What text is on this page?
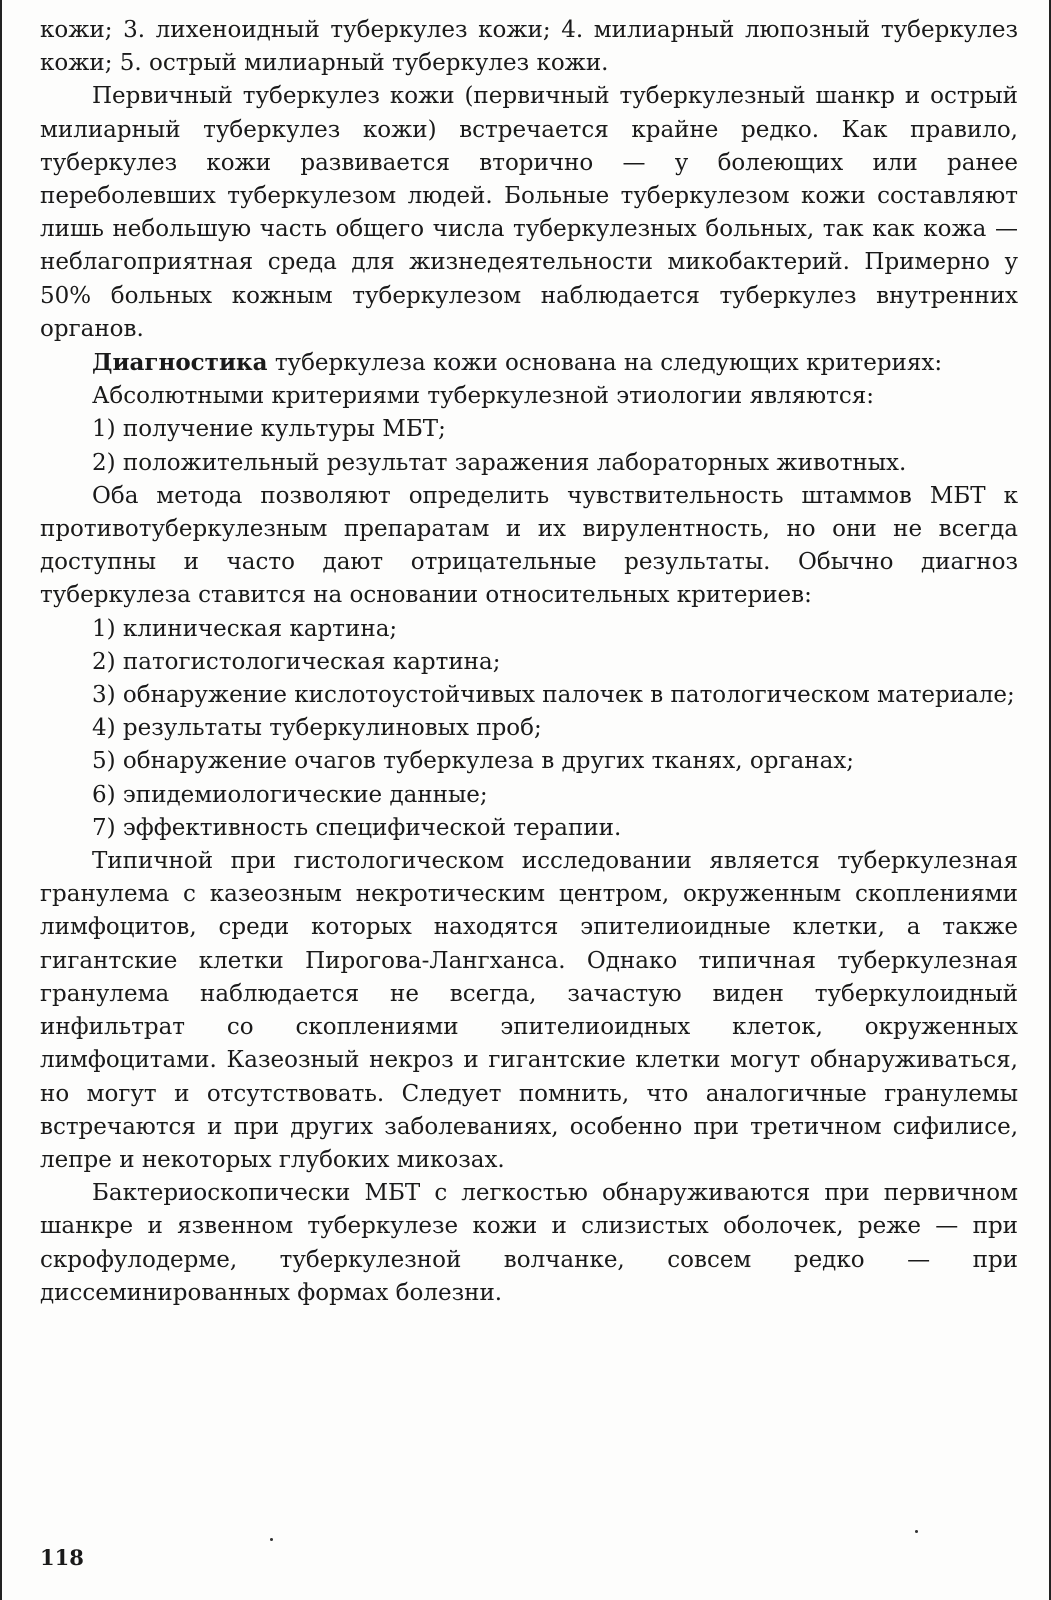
кожи; 3. лихеноидный туберкулез кожи; 4. милиарный люпозный туберкулез кожи; 5. острый милиарный туберкулез кожи.

Первичный туберкулез кожи (первичный туберкулезный шанкр и острый милиарный туберкулез кожи) встречается крайне редко. Как правило, туберкулез кожи развивается вторично — у болеющих или ранее переболевших туберкулезом людей. Больные туберкулезом кожи составляют лишь небольшую часть общего числа туберкулезных больных, так как кожа — неблагоприятная среда для жизнедеятельности микобактерий. Примерно у 50% больных кожным туберкулезом наблюдается туберкулез внутренних органов.

Диагностика туберкулеза кожи основана на следующих критериях:

Абсолютными критериями туберкулезной этиологии являются:

1) получение культуры МБТ;

2) положительный результат заражения лабораторных животных.

Оба метода позволяют определить чувствительность штаммов МБТ к противотуберкулезным препаратам и их вирулентность, но они не всегда доступны и часто дают отрицательные результаты. Обычно диагноз туберкулеза ставится на основании относительных критериев:

1) клиническая картина;

2) патогистологическая картина;

3) обнаружение кислотоустойчивых палочек в патологическом материале;

4) результаты туберкулиновых проб;

5) обнаружение очагов туберкулеза в других тканях, органах;

6) эпидемиологические данные;

7) эффективность специфической терапии.

Типичной при гистологическом исследовании является туберкулезная гранулема с казеозным некротическим центром, окруженным скоплениями лимфоцитов, среди которых находятся эпителиоидные клетки, а также гигантские клетки Пирогова-Лангханса. Однако типичная туберкулезная гранулема наблюдается не всегда, зачастую виден туберкулоидный инфильтрат со скоплениями эпителиоидных клеток, окруженных лимфоцитами. Казеозный некроз и гигантские клетки могут обнаруживаться, но могут и отсутствовать. Следует помнить, что аналогичные гранулемы встречаются и при других заболеваниях, особенно при третичном сифилисе, лепре и некоторых глубоких микозах.

Бактериоскопически МБТ с легкостью обнаруживаются при первичном шанкре и язвенном туберкулезе кожи и слизистых оболочек, реже — при скрофулодерме, туберкулезной волчанке, совсем редко — при диссеминированных формах болезни.

118
